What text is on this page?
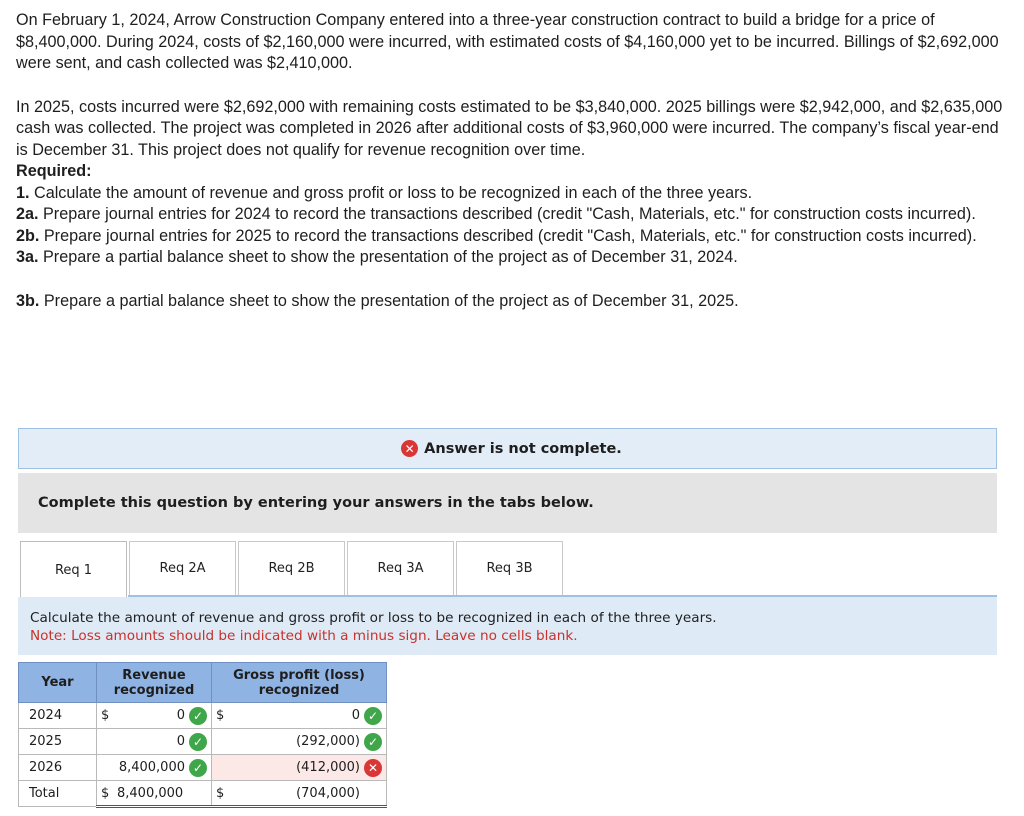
On February 1, 2024, Arrow Construction Company entered into a three-year construction contract to build a bridge for a price of $8,400,000. During 2024, costs of $2,160,000 were incurred, with estimated costs of $4,160,000 yet to be incurred. Billings of $2,692,000 were sent, and cash collected was $2,410,000.

In 2025, costs incurred were $2,692,000 with remaining costs estimated to be $3,840,000. 2025 billings were $2,942,000, and $2,635,000 cash was collected. The project was completed in 2026 after additional costs of $3,960,000 were incurred. The company’s fiscal year-end is December 31. This project does not qualify for revenue recognition over time.

Required:

1. Calculate the amount of revenue and gross profit or loss to be recognized in each of the three years.

2a. Prepare journal entries for 2024 to record the transactions described (credit "Cash, Materials, etc." for construction costs incurred).

2b. Prepare journal entries for 2025 to record the transactions described (credit "Cash, Materials, etc." for construction costs incurred).

3a. Prepare a partial balance sheet to show the presentation of the project as of December 31, 2024.

3b. Prepare a partial balance sheet to show the presentation of the project as of December 31, 2025.

✕ Answer is not complete.
Complete this question by entering your answers in the tabs below.
Req 1	Req 2A	Req 2B	Req 3A	Req 3B
Calculate the amount of revenue and gross profit or loss to be recognized in each of the three years.
Note: Loss amounts should be indicated with a minus sign. Leave no cells blank.
Year	Revenue recognized	Gross profit (loss) recognized
2024	$ 0 ✓	$ 0 ✓

2025	0 ✓	(292,000) ✓

2026	8,400,000 ✓	(412,000) ✕

Total	$ 8,400,000	$ (704,000)
